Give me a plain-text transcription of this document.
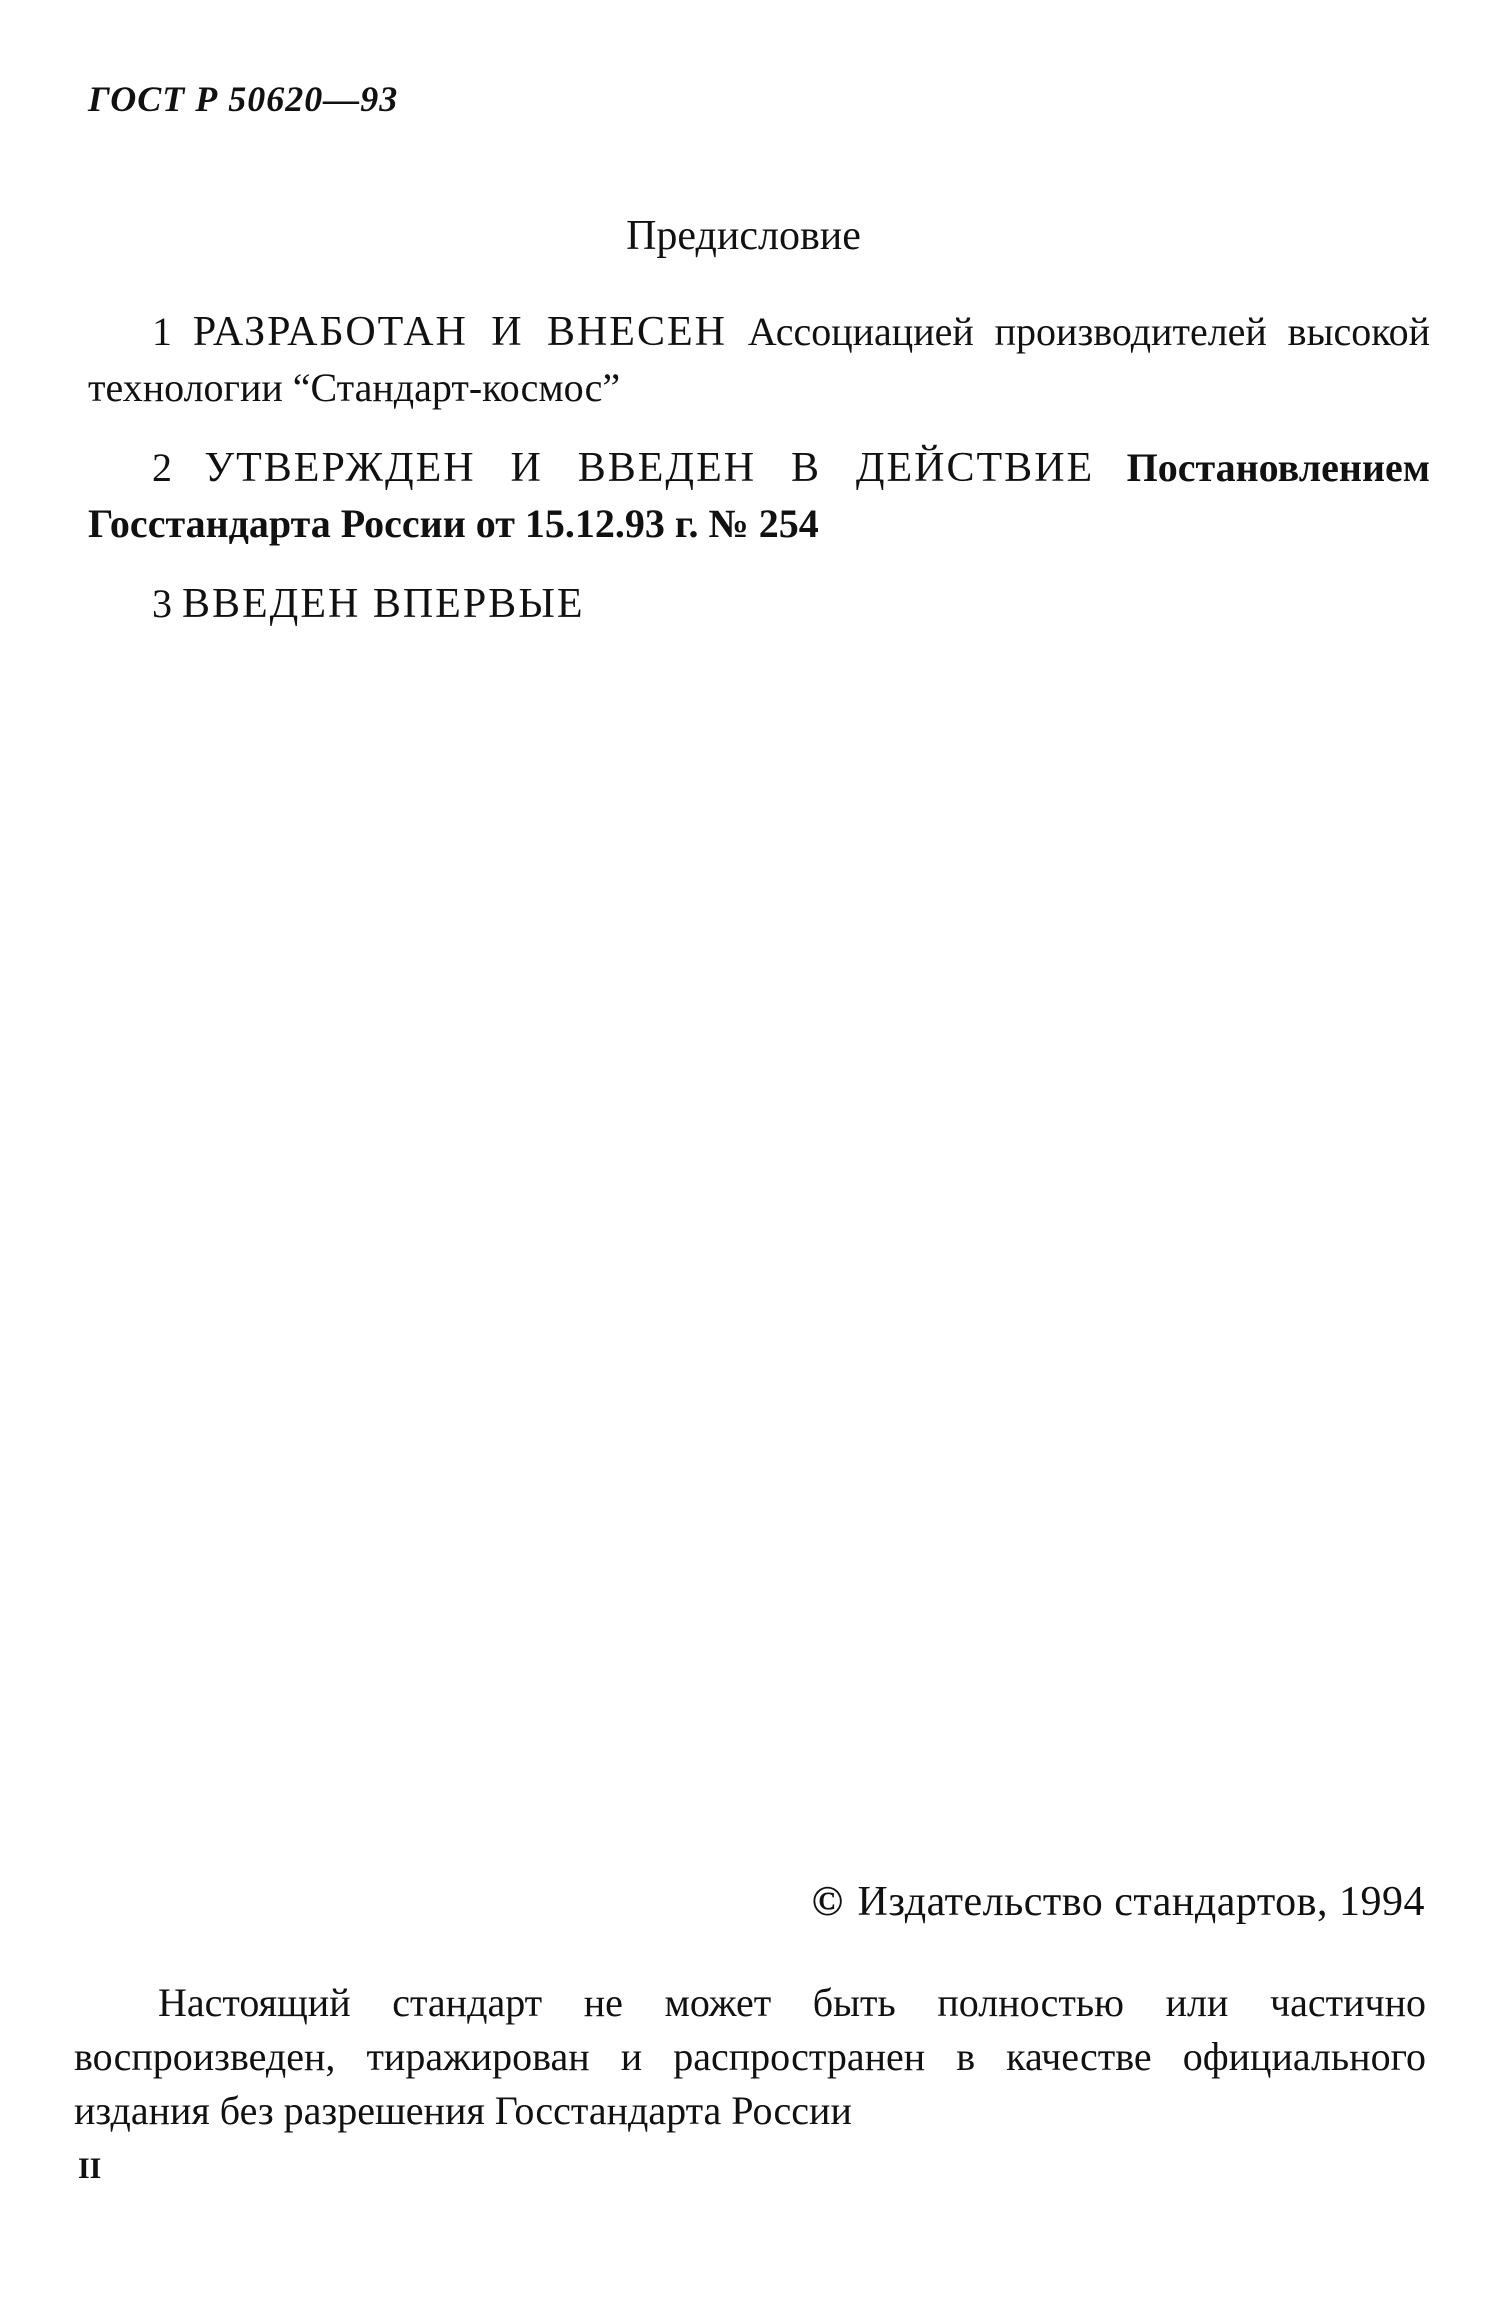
ГОСТ Р 50620—93
Предисловие
1 РАЗРАБОТАН И ВНЕСЕН Ассоциацией производителей высокой технологии “Стандарт-космос”
2 УТВЕРЖДЕН И ВВЕДЕН В ДЕЙСТВИЕ Постановлением Госстандарта России от 15.12.93 г. № 254
3 ВВЕДЕН ВПЕРВЫЕ
© Издательство стандартов, 1994
Настоящий стандарт не может быть полностью или частично воспроизведен, тиражирован и распространен в качестве официального издания без разрешения Госстандарта России
II
